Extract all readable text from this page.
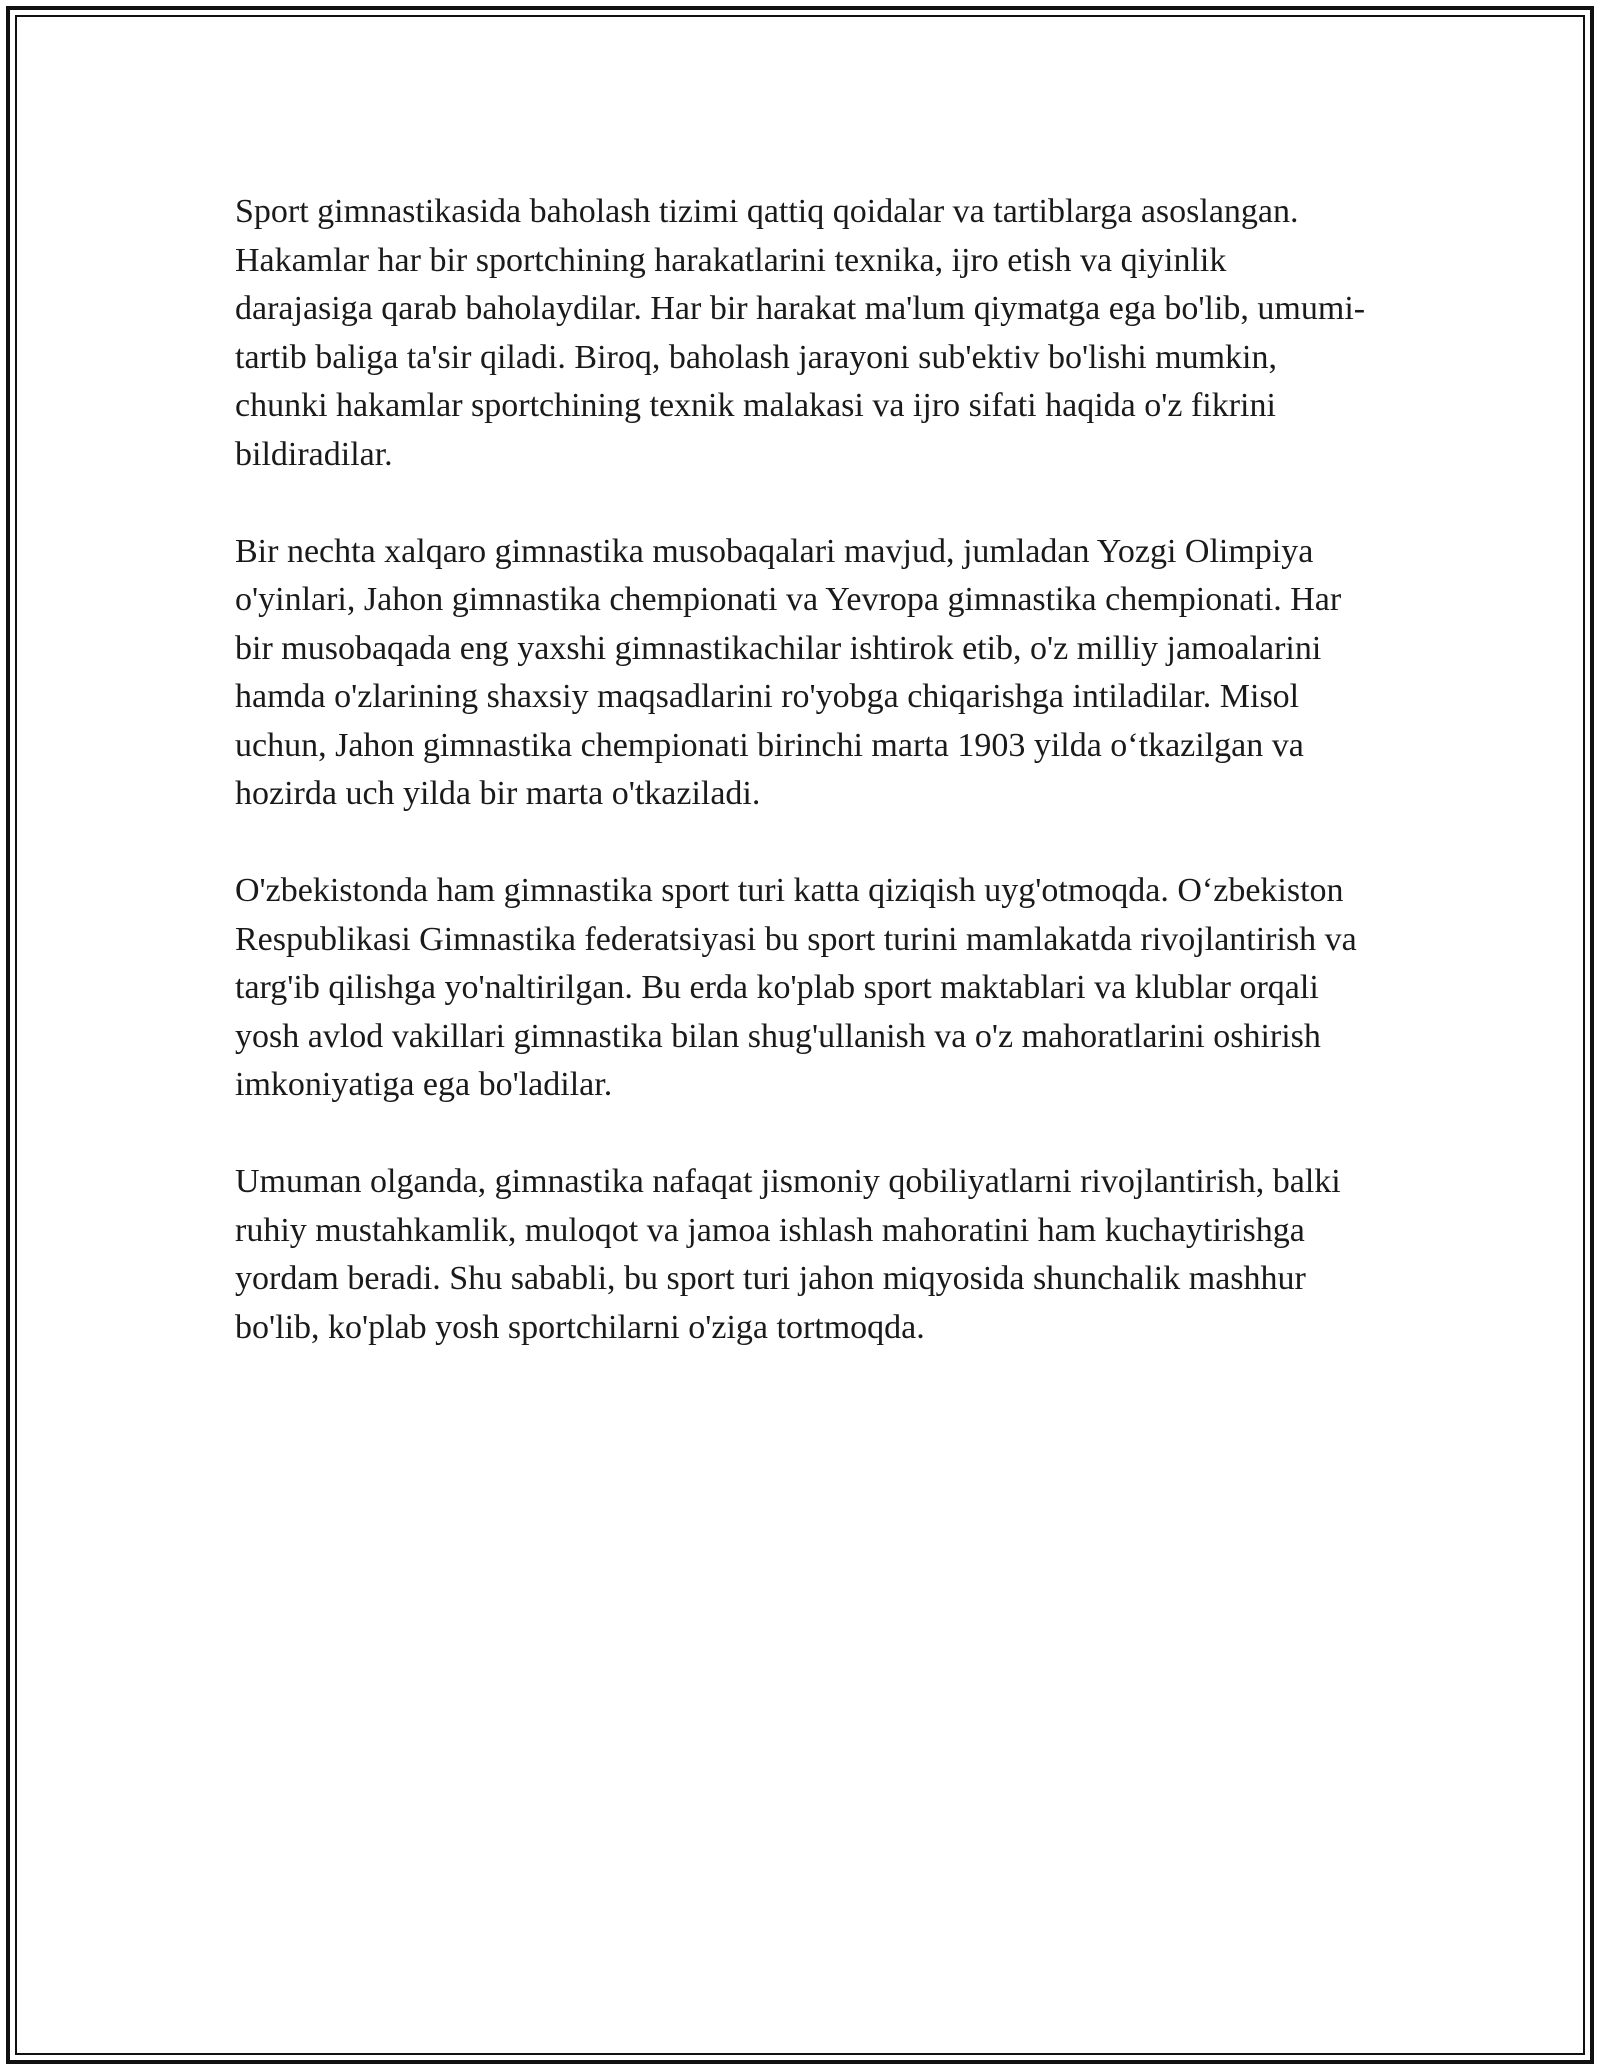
Sport gimnastikasida baholash tizimi qattiq qoidalar va tartiblarga asoslangan. Hakamlar har bir sportchining harakatlarini texnika, ijro etish va qiyinlik darajasiga qarab baholaydilar. Har bir harakat ma'lum qiymatga ega bo'lib, umumi-tartib baliga ta'sir qiladi. Biroq, baholash jarayoni sub'ektiv bo'lishi mumkin, chunki hakamlar sportchining texnik malakasi va ijro sifati haqida o'z fikrini bildiradilar.

Bir nechta xalqaro gimnastika musobaqalari mavjud, jumladan Yozgi Olimpiya o'yinlari, Jahon gimnastika chempionati va Yevropa gimnastika chempionati. Har bir musobaqada eng yaxshi gimnastikachilar ishtirok etib, o'z milliy jamoalarini hamda o'zlarining shaxsiy maqsadlarini ro'yobga chiqarishga intiladilar. Misol uchun, Jahon gimnastika chempionati birinchi marta 1903 yilda o‘tkazilgan va hozirda uch yilda bir marta o'tkaziladi.

O'zbekistonda ham gimnastika sport turi katta qiziqish uyg'otmoqda. O‘zbekiston Respublikasi Gimnastika federatsiyasi bu sport turini mamlakatda rivojlantirish va targ'ib qilishga yo'naltirilgan. Bu erda ko'plab sport maktablari va klublar orqali yosh avlod vakillari gimnastika bilan shug'ullanish va o'z mahoratlarini oshirish imkoniyatiga ega bo'ladilar.

Umuman olganda, gimnastika nafaqat jismoniy qobiliyatlarni rivojlantirish, balki ruhiy mustahkamlik, muloqot va jamoa ishlash mahoratini ham kuchaytirishga yordam beradi. Shu sababli, bu sport turi jahon miqyosida shunchalik mashhur bo'lib, ko'plab yosh sportchilarni o'ziga tortmoqda.
